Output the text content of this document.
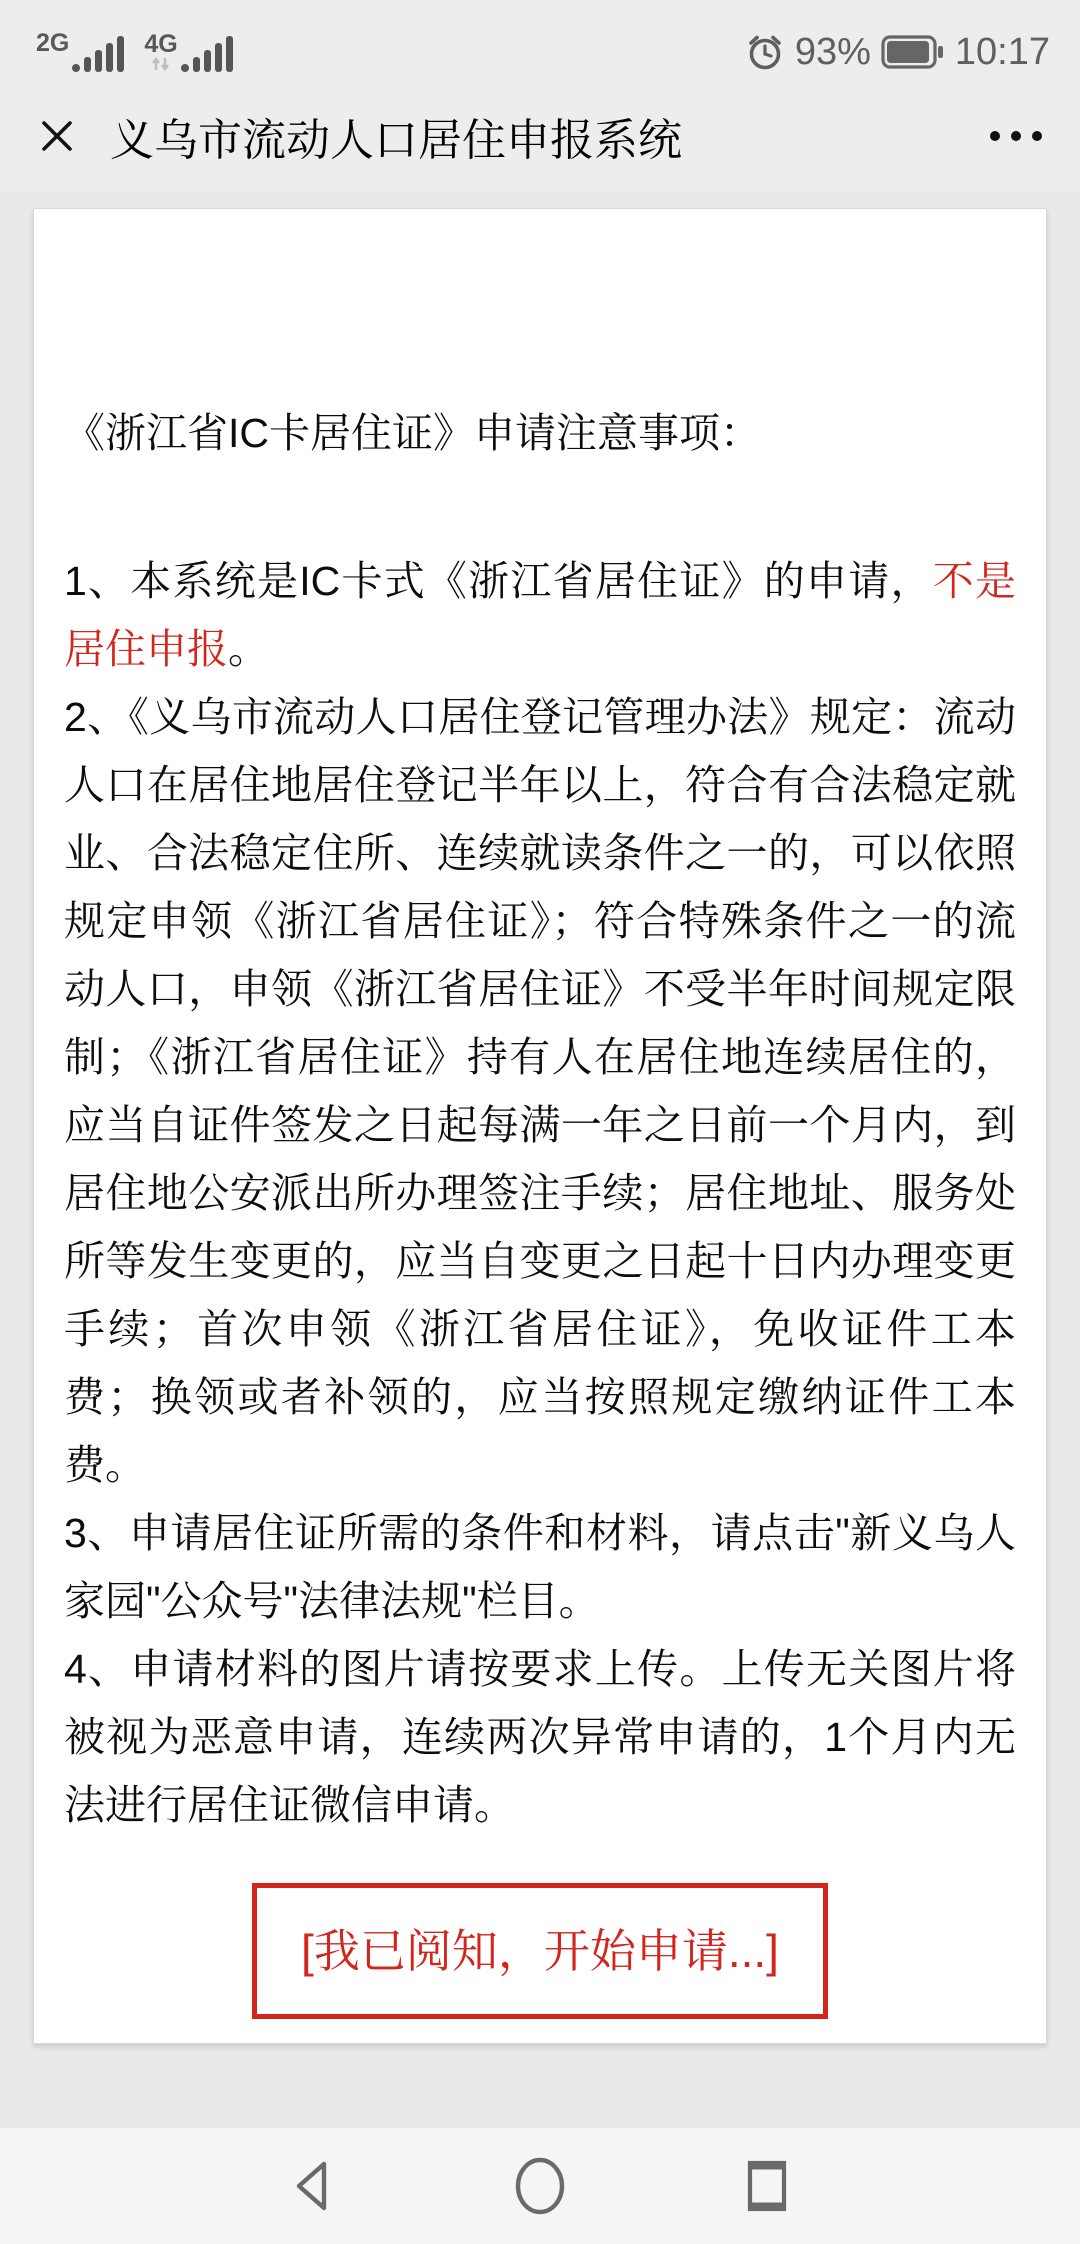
2G	4G	93% 10:17
义乌市流动人口居住申报系统

《浙江省IC卡居住证》申请注意事项：

1、本系统是IC卡式《浙江省居住证》的申请，不是居住申报。

2、《义乌市流动人口居住登记管理办法》规定：流动人口在居住地居住登记半年以上，符合有合法稳定就业、合法稳定住所、连续就读条件之一的，可以依照规定申领《浙江省居住证》；符合特殊条件之一的流动人口，申领《浙江省居住证》不受半年时间规定限制；《浙江省居住证》持有人在居住地连续居住的，应当自证件签发之日起每满一年之日前一个月内，到居住地公安派出所办理签注手续；居住地址、服务处所等发生变更的，应当自变更之日起十日内办理变更手续；首次申领《浙江省居住证》，免收证件工本费；换领或者补领的，应当按照规定缴纳证件工本费。

3、申请居住证所需的条件和材料，请点击"新义乌人家园"公众号"法律法规"栏目。

4、申请材料的图片请按要求上传。上传无关图片将被视为恶意申请，连续两次异常申请的，1个月内无法进行居住证微信申请。

[我已阅知，开始申请...]
